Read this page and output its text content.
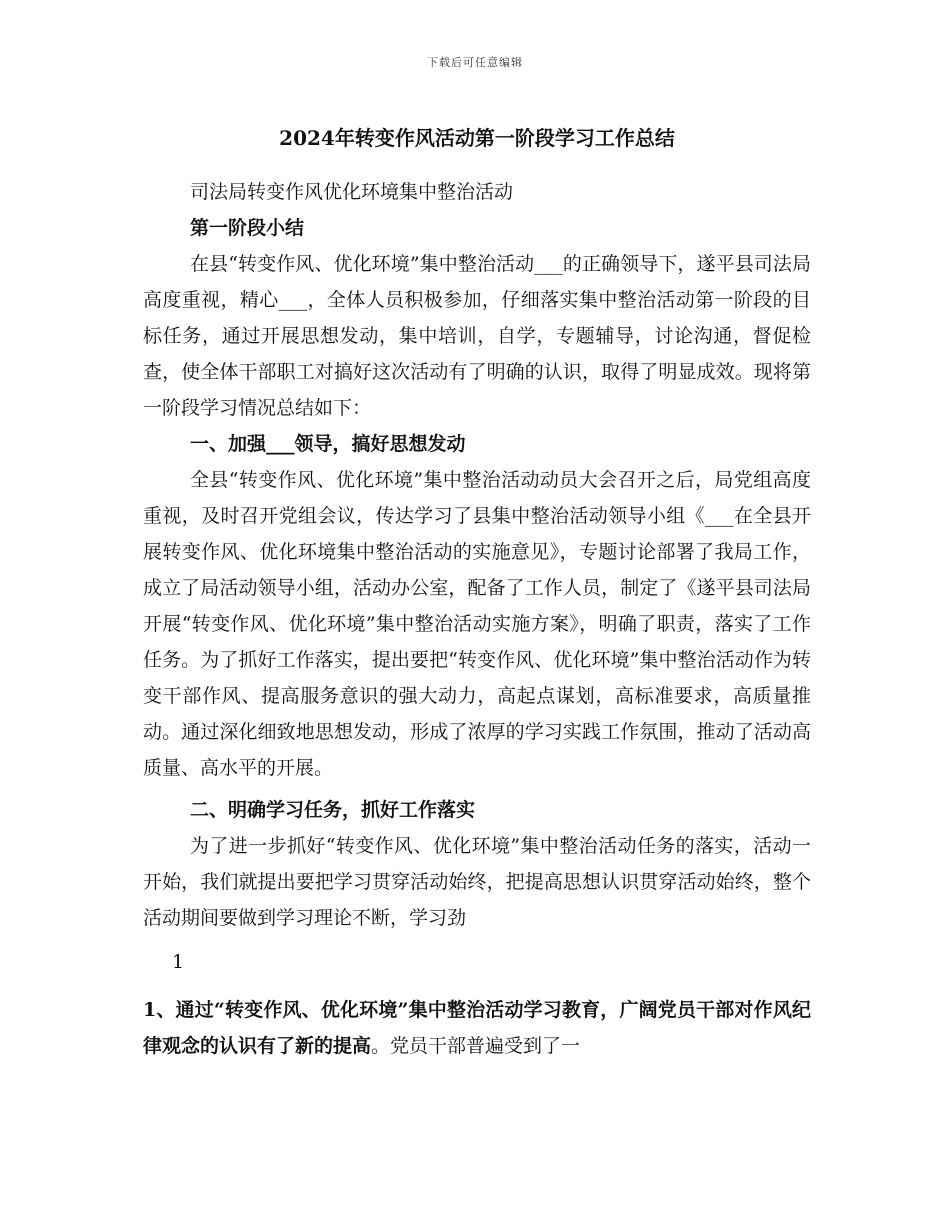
下载后可任意编辑
2024年转变作风活动第一阶段学习工作总结

司法局转变作风优化环境集中整治活动

第一阶段小结

在县“转变作风、优化环境”集中整治活动___的正确领导下，遂平县司法局高度重视，精心___，全体人员积极参加，仔细落实集中整治活动第一阶段的目标任务，通过开展思想发动，集中培训，自学，专题辅导，讨论沟通，督促检查，使全体干部职工对搞好这次活动有了明确的认识，取得了明显成效。现将第一阶段学习情况总结如下：

一、加强___领导，搞好思想发动

全县“转变作风、优化环境”集中整治活动动员大会召开之后，局党组高度重视，及时召开党组会议，传达学习了县集中整治活动领导小组《___在全县开展转变作风、优化环境集中整治活动的实施意见》，专题讨论部署了我局工作，成立了局活动领导小组，活动办公室，配备了工作人员，制定了《遂平县司法局开展“转变作风、优化环境”集中整治活动实施方案》，明确了职责，落实了工作任务。为了抓好工作落实，提出要把“转变作风、优化环境”集中整治活动作为转变干部作风、提高服务意识的强大动力，高起点谋划，高标准要求，高质量推动。通过深化细致地思想发动，形成了浓厚的学习实践工作氛围，推动了活动高质量、高水平的开展。

二、明确学习任务，抓好工作落实

为了进一步抓好“转变作风、优化环境”集中整治活动任务的落实，活动一开始，我们就提出要把学习贯穿活动始终，把提高思想认识贯穿活动始终，整个活动期间要做到学习理论不断，学习劲

1

1、通过“转变作风、优化环境”集中整治活动学习教育，广阔党员干部对作风纪律观念的认识有了新的提高。党员干部普遍受到了一
